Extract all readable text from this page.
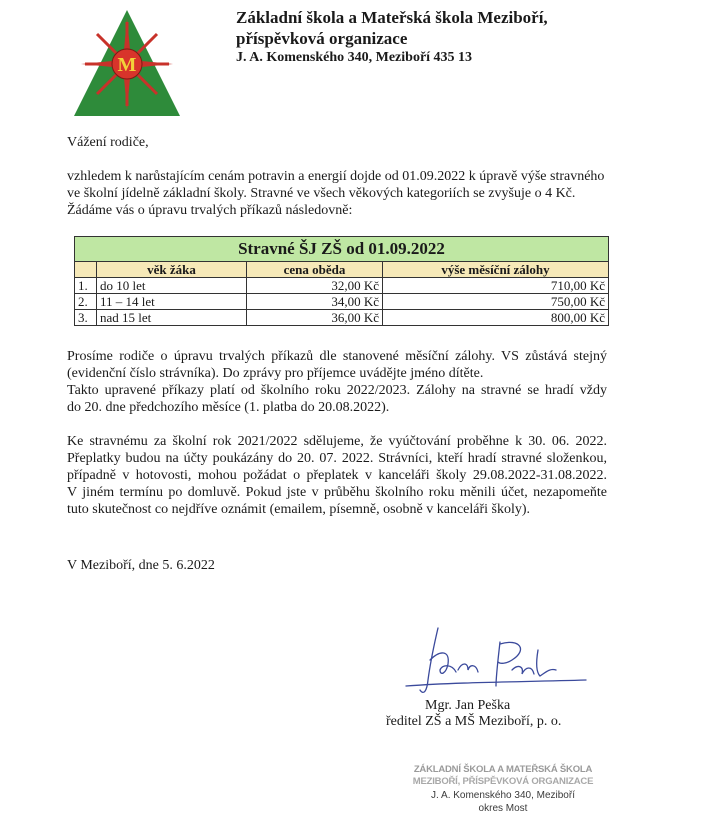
M
Základní škola a Mateřská škola Meziboří,
příspěvková organizace
J. A. Komenského 340, Meziboří 435 13
Vážení rodiče,
vzhledem k narůstajícím cenám potravin a energií dojde od 01.09.2022 k úpravě výše stravného
ve školní jídelně základní školy. Stravné ve všech věkových kategoriích se zvyšuje o 4 Kč.
Žádáme vás o úpravu trvalých příkazů následovně:
Stravné ŠJ ZŠ od 01.09.2022			
	věk žáka	cena oběda	výše měsíční zálohy
1.	do 10 let	32,00 Kč	710,00 Kč
2.	11 – 14 let	34,00 Kč	750,00 Kč
3.	nad 15 let	36,00 Kč	800,00 Kč
Prosíme rodiče o úpravu trvalých příkazů dle stanovené měsíční zálohy. VS zůstává stejný
(evidenční číslo strávníka). Do zprávy pro příjemce uvádějte jméno dítěte.
Takto upravené příkazy platí od školního roku 2022/2023. Zálohy na stravné se hradí vždy
do 20. dne předchozího měsíce (1. platba do 20.08.2022).
Ke stravnému za školní rok 2021/2022 sdělujeme, že vyúčtování proběhne k 30. 06. 2022.
Přeplatky budou na účty poukázány do 20. 07. 2022. Strávníci, kteří hradí stravné složenkou,
případně v hotovosti, mohou požádat o přeplatek v kanceláři školy 29.08.2022-31.08.2022.
V jiném termínu po domluvě. Pokud jste v průběhu školního roku měnili účet, nezapomeňte
tuto skutečnost co nejdříve oznámit (emailem, písemně, osobně v kanceláři školy).
V Meziboří, dne 5. 6.2022
Mgr. Jan Peška
ředitel ZŠ a MŠ Meziboří, p. o.
ZÁKLADNÍ ŠKOLA A MATEŘSKÁ ŠKOLA
MEZIBOŘÍ, PŘÍSPĚVKOVÁ ORGANIZACE
J. A. Komenského 340, Meziboří
okres Most
